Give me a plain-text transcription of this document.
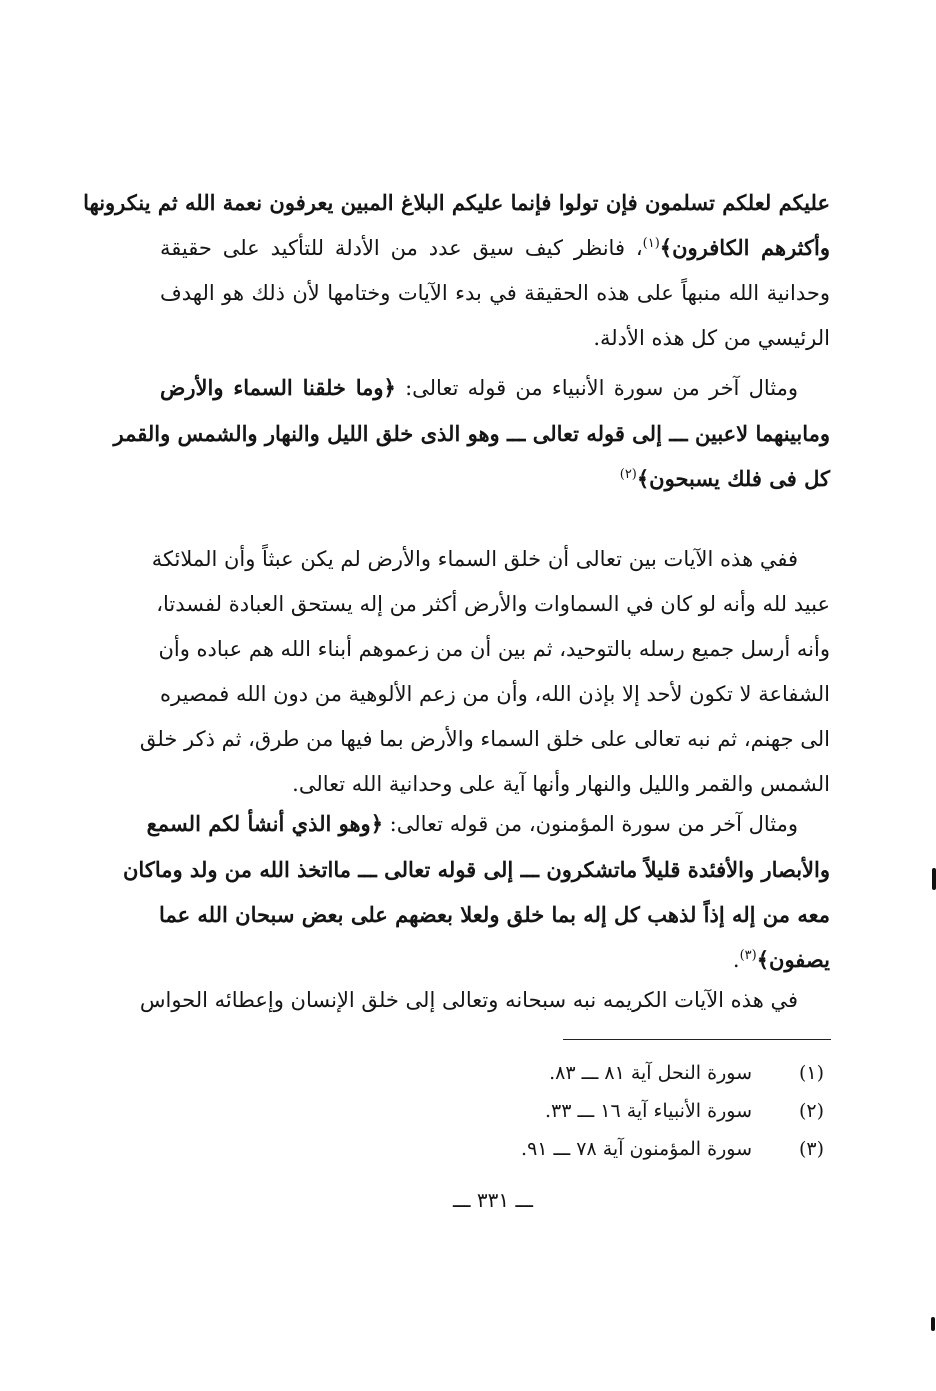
عليكم لعلكم تسلمون فإن تولوا فإنما عليكم البلاغ المبين يعرفون نعمة الله ثم ينكرونها
وأكثرهم الكافرون﴾$^{(١)}$، فانظر كيف سيق عدد من الأدلة للتأكيد على حقيقة
وحدانية الله منبهاً على هذه الحقيقة في بدء الآيات وختامها لأن ذلك هو الهدف
الرئيسي من كل هذه الأدلة.
ومثال آخر من سورة الأنبياء من قوله تعالى: ﴿وما خلقنا السماء والأرض
ومابينهما لاعبين ـــ إلى قوله تعالى ـــ وهو الذى خلق الليل والنهار والشمس والقمر
كل فى فلك يسبحون﴾$^{(٢)}$
ففي هذه الآيات بين تعالى أن خلق السماء والأرض لم يكن عبثاً وأن الملائكة
عبيد لله وأنه لو كان في السماوات والأرض أكثر من إله يستحق العبادة لفسدتا،
وأنه أرسل جميع رسله بالتوحيد، ثم بين أن من زعموهم أبناء الله هم عباده وأن
الشفاعة لا تكون لأحد إلا بإذن الله، وأن من زعم الألوهية من دون الله فمصيره
الى جهنم، ثم نبه تعالى على خلق السماء والأرض بما فيها من طرق، ثم ذكر خلق
الشمس والقمر والليل والنهار وأنها آية على وحدانية الله تعالى.
ومثال آخر من سورة المؤمنون، من قوله تعالى: ﴿وهو الذي أنشأ لكم السمع
والأبصار والأفئدة قليلاً ماتشكرون ـــ إلى قوله تعالى ـــ مااتخذ الله من ولد وماكان
معه من إله إذاً لذهب كل إله بما خلق ولعلا بعضهم على بعض سبحان الله عما
يصفون﴾$^{(٣)}$.
في هذه الآيات الكريمه نبه سبحانه وتعالى إلى خلق الإنسان وإعطائه الحواس
(١)
سورة النحل آية ٨١ ـــ ٨٣.
(٢)
سورة الأنبياء آية ١٦ ـــ ٣٣.
(٣)
سورة المؤمنون آية ٧٨ ـــ ٩١.
ـــ ٣٣١ ـــ
